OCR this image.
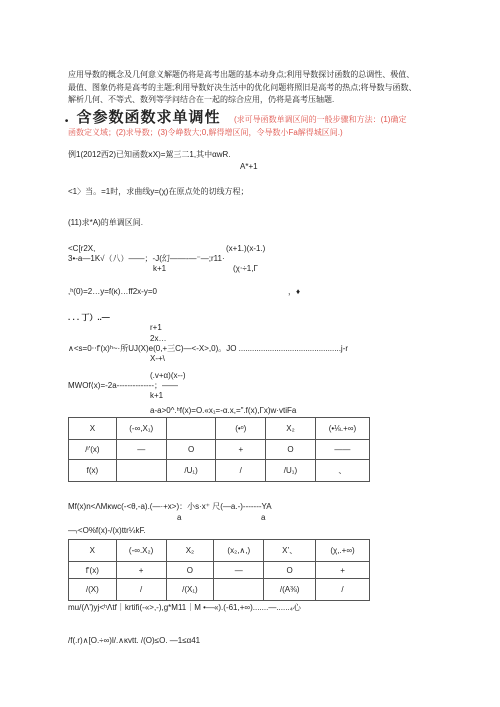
应用导数的概念及几何意义解题仍将是高考出题的基本动身点;利用导数探讨函数的总调性、极值、
最值、图象仍将是高考的主题;利用导数好决生活中的优化问题将照旧是高考的热点;将导数与函数、
解析几何、不等式、数列等学问结合在一起的综合应用，仍将是高考压轴题.
. 含参数函数求单调性 (求可导函数单调区间的一般步骤和方法：(1)确定
函数定义域；(2)求导数；(3)令峥数大;0,解得增区间，令导数小Fa解得城区间.)
例1(2012西2)已知函数ⅹX)=駕三二1,其中αwR.
A*+1
<1〉当。=1时，求曲线y=(χ)在原点处的切线方程；
(11)求*A)的单调区间.
<C[r2X,	(x+1.)(x-1.)
3•-a—1K√（八）——；-J(幻——-—⁻—;r11·
k+1	(χ⋅÷1,Γ
,ʰ(0)=2…y=f(κ)…ff2x-y=0	，♦
. . . 丁）..—
r+1
2x…
∧<s=0⋅⋅f'(x)ʰ~·所UJ(X)e(0,+三C)—<-X>,0)。JO ..............................................j-r
X-+\
(.v+α)(x--)
MWOf⟨x)=-2a--------------；——
k+1
a-a>0^.ʰf(x)=O.«x₁=-α.x,=".f(x),Γx)w·vtiFa
X	(-∞,X₁)		(•ᵒ)	X₂	(•⅛.+∞)
/ᶦ'(x)	—	O	+	O	——
f(x)		/U₁)	/	/U₁)	、
Mf(x)n<ΛMκwc(-<θ,-a).(—·+x>)：小s·x⁺ 尺(—a.-)-------YA
a	a
—ᵣ<O%f(x)-/(x)ttr¼kF.
X	(-∞.X₂)	X₂	(x₂,∧,)	X’、	(χ,.+∞)
f'(x)	+	O	—	O	+
/(X)	/	/(X₁)		/(A⅜)	/
mu/(Λ')yj<ʰΛtf｜krtifi(-«>,-),g*M11｜M •—«).(-61,+∞).......—......₄心
/f(.r)∧[O.÷∞)l/.∧κvtt. /(O)≤O. —1≤α41
